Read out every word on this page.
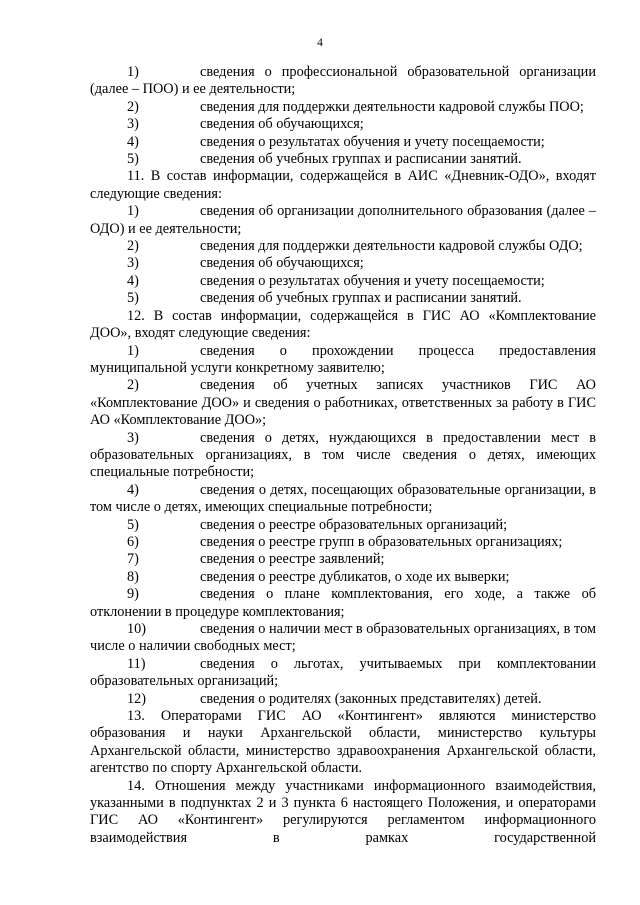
4

1)	сведения о профессиональной образовательной организации (далее – ПОО) и ее деятельности;

2)	сведения для поддержки деятельности кадровой службы ПОО;

3)	сведения об обучающихся;

4)	сведения о результатах обучения и учету посещаемости;

5)	сведения об учебных группах и расписании занятий.

11. В состав информации, содержащейся в АИС «Дневник-ОДО», входят следующие сведения:

1)	сведения об организации дополнительного образования (далее – ОДО) и ее деятельности;

2)	сведения для поддержки деятельности кадровой службы ОДО;

3)	сведения об обучающихся;

4)	сведения о результатах обучения и учету посещаемости;

5)	сведения об учебных группах и расписании занятий.

12. В состав информации, содержащейся в ГИС АО «Комплектование ДОО», входят следующие сведения:

1)	сведения о прохождении процесса предоставления муниципальной услуги конкретному заявителю;

2)	сведения об учетных записях участников ГИС АО «Комплектование ДОО» и сведения о работниках, ответственных за работу в ГИС АО «Комплектование ДОО»;

3)	сведения о детях, нуждающихся в предоставлении мест в образовательных организациях, в том числе сведения о детях, имеющих специальные потребности;

4)	сведения о детях, посещающих образовательные организации, в том числе о детях, имеющих специальные потребности;

5)	сведения о реестре образовательных организаций;

6)	сведения о реестре групп в образовательных организациях;

7)	сведения о реестре заявлений;

8)	сведения о реестре дубликатов, о ходе их выверки;

9)	сведения о плане комплектования, его ходе, а также об отклонении в процедуре комплектования;

10)	сведения о наличии мест в образовательных организациях, в том числе о наличии свободных мест;

11)	сведения о льготах, учитываемых при комплектовании образовательных организаций;

12)	сведения о родителях (законных представителях) детей.

13. Операторами ГИС АО «Контингент» являются министерство образования и науки Архангельской области, министерство культуры Архангельской области, министерство здравоохранения Архангельской области, агентство по спорту Архангельской области.

14. Отношения между участниками информационного взаимодействия, указанными в подпунктах 2 и 3 пункта 6 настоящего Положения, и операторами ГИС АО «Контингент» регулируются регламентом информационного взаимодействия в рамках государственной
